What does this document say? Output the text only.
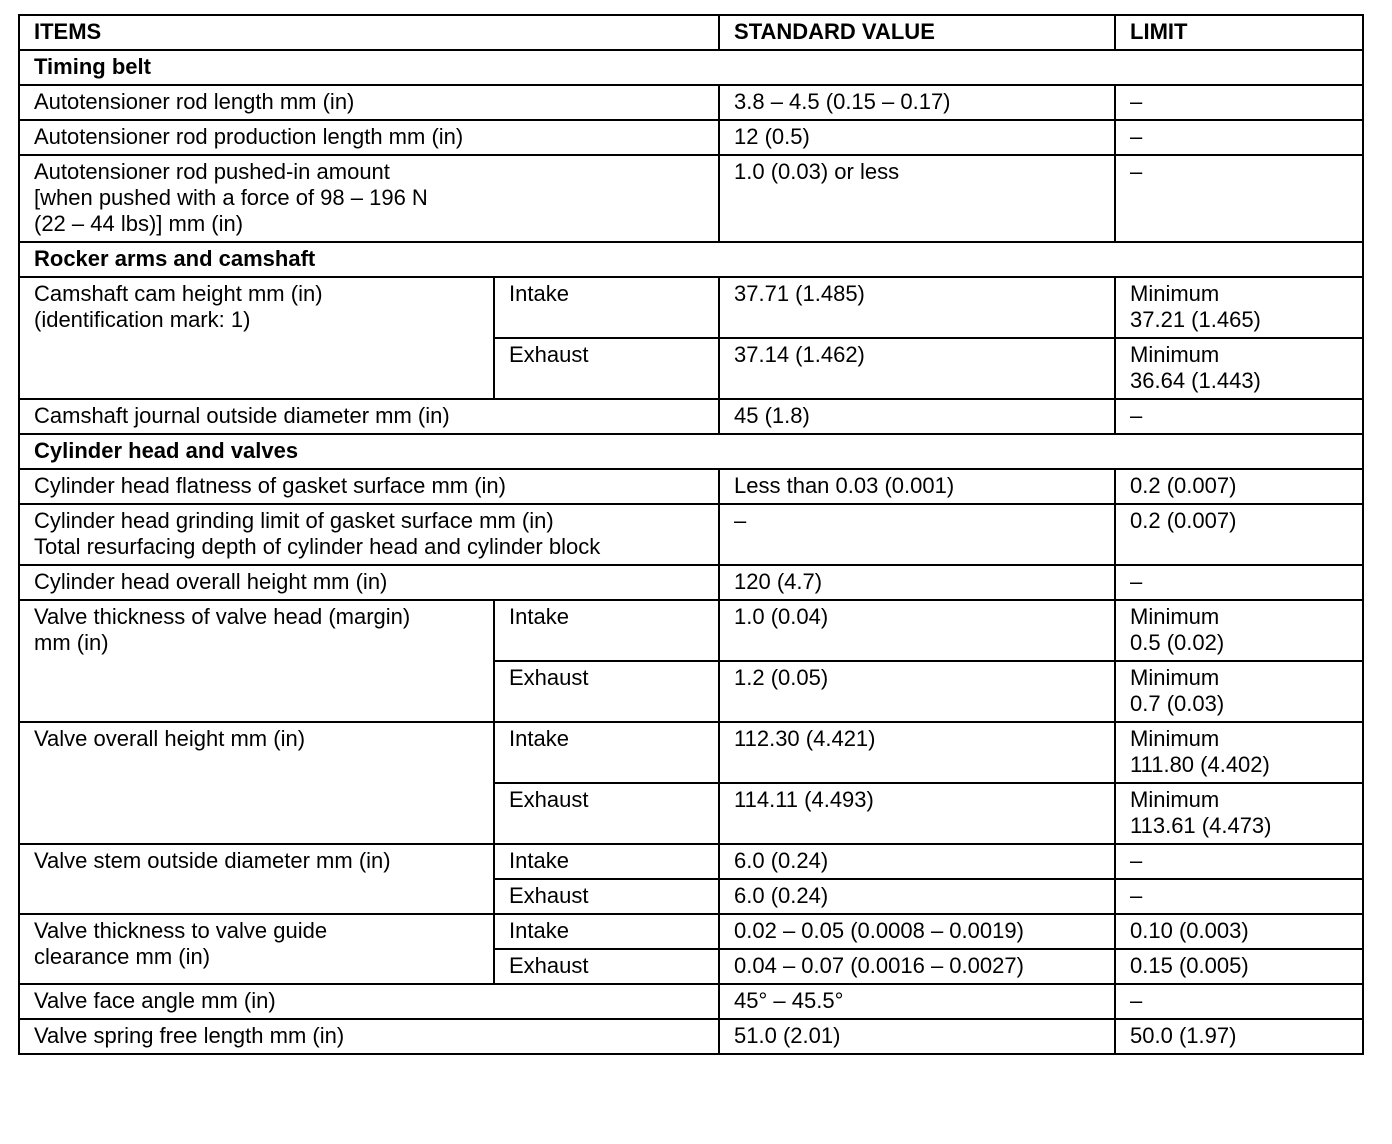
ITEMS		STANDARD VALUE	LIMIT
Timing belt			
Autotensioner rod length mm (in)		3.8 – 4.5 (0.15 – 0.17)	–
Autotensioner rod production length mm (in)		12 (0.5)	–

Autotensioner rod pushed-in amount
[when pushed with a force of 98 – 196 N
(22 – 44 lbs)] mm (in)		1.0 (0.03) or less	–
Rocker arms and camshaft			

Camshaft cam height mm (in)
(identification mark: 1)	Intake	37.71 (1.485)	Minimum
37.21 (1.465)

	Exhaust	37.14 (1.462)	Minimum
36.64 (1.443)

Camshaft journal outside diameter mm (in)		45 (1.8)	–
Cylinder head and valves			
Cylinder head flatness of gasket surface mm (in)		Less than 0.03 (0.001)	0.2 (0.007)

Cylinder head grinding limit of gasket surface mm (in)
Total resurfacing depth of cylinder head and cylinder block		–	0.2 (0.007)
Cylinder head overall height mm (in)		120 (4.7)	–

Valve thickness of valve head (margin)
mm (in)	Intake	1.0 (0.04)	Minimum
0.5 (0.02)

	Exhaust	1.2 (0.05)	Minimum
0.7 (0.03)

Valve overall height mm (in)	Intake	112.30 (4.421)	Minimum
111.80 (4.402)

	Exhaust	114.11 (4.493)	Minimum
113.61 (4.473)

Valve stem outside diameter mm (in)	Intake	6.0 (0.24)	–
	Exhaust	6.0 (0.24)	–

Valve thickness to valve guide
clearance mm (in)	Intake	0.02 – 0.05 (0.0008 – 0.0019)	0.10 (0.003)
	Exhaust	0.04 – 0.07 (0.0016 – 0.0027)	0.15 (0.005)
Valve face angle mm (in)		45° – 45.5°	–
Valve spring free length mm (in)		51.0 (2.01)	50.0 (1.97)
